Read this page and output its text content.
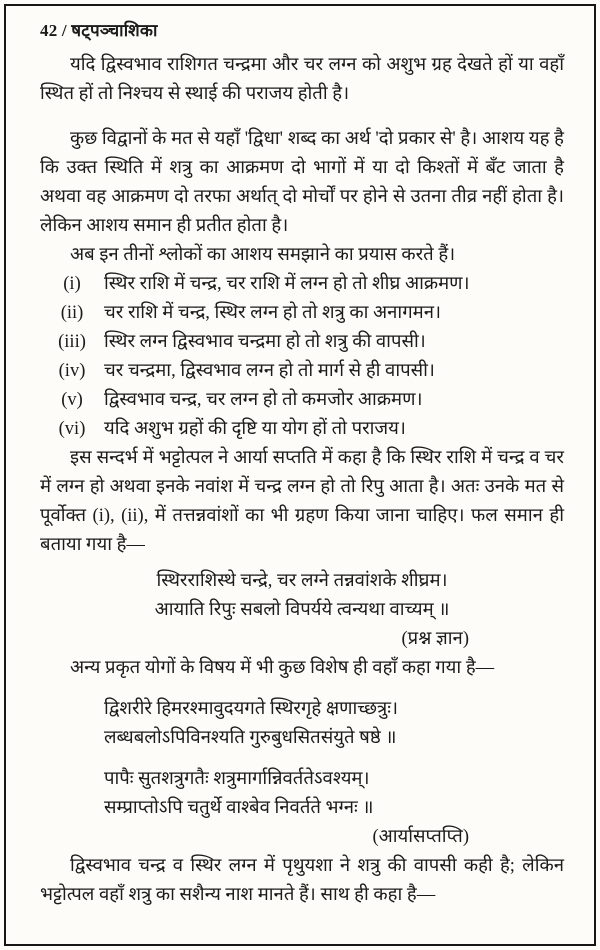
42 / षट्पञ्चाशिका

यदि द्विस्वभाव राशिगत चन्द्रमा और चर लग्न को अशुभ ग्रह देखते हों या वहाँ स्थित हों तो निश्चय से स्थाई की पराजय होती है।

कुछ विद्वानों के मत से यहाँ 'द्विधा' शब्द का अर्थ 'दो प्रकार से' है। आशय यह है कि उक्त स्थिति में शत्रु का आक्रमण दो भागों में या दो किश्तों में बँट जाता है अथवा वह आक्रमण दो तरफा अर्थात् दो मोर्चों पर होने से उतना तीव्र नहीं होता है। लेकिन आशय समान ही प्रतीत होता है।

अब इन तीनों श्लोकों का आशय समझाने का प्रयास करते हैं।

(i)	स्थिर राशि में चन्द्र, चर राशि में लग्न हो तो शीघ्र आक्रमण।
(ii)	चर राशि में चन्द्र, स्थिर लग्न हो तो शत्रु का अनागमन।
(iii) स्थिर लग्न द्विस्वभाव चन्द्रमा हो तो शत्रु की वापसी।
(iv)	चर चन्द्रमा, द्विस्वभाव लग्न हो तो मार्ग से ही वापसी।
(v)	द्विस्वभाव चन्द्र, चर लग्न हो तो कमजोर आक्रमण।
(vi)	यदि अशुभ ग्रहों की दृष्टि या योग हों तो पराजय।

इस सन्दर्भ में भट्टोत्पल ने आर्या सप्तति में कहा है कि स्थिर राशि में चन्द्र व चर में लग्न हो अथवा इनके नवांश में चन्द्र लग्न हो तो रिपु आता है। अतः उनके मत से पूर्वोक्त (i), (ii), में तत्तन्नवांशों का भी ग्रहण किया जाना चाहिए। फल समान ही बताया गया है—

स्थिरराशिस्थे चन्द्रे, चर लग्ने तन्नवांशके शीघ्रम।
आयाति रिपुः सबलो विपर्यये त्वन्यथा वाच्यम् ॥
(प्रश्न ज्ञान)

अन्य प्रकृत योगों के विषय में भी कुछ विशेष ही वहाँ कहा गया है—

द्विशरीरे हिमरश्मावुदयगते स्थिरगृहे क्षणाच्छत्रुः।
लब्धबलोऽपिविनश्यति गुरुबुधसितसंयुते षष्ठे ॥
पापैः सुतशत्रुगतैः शत्रुमार्गान्निवर्ततेऽवश्यम्।
सम्प्राप्तोऽपि चतुर्थे वाश्बेव निवर्तते भग्नः ॥
(आर्यासप्तप्ति)

द्विस्वभाव चन्द्र व स्थिर लग्न में पृथुयशा ने शत्रु की वापसी कही है; लेकिन भट्टोत्पल वहाँ शत्रु का सशैन्य नाश मानते हैं। साथ ही कहा है—
